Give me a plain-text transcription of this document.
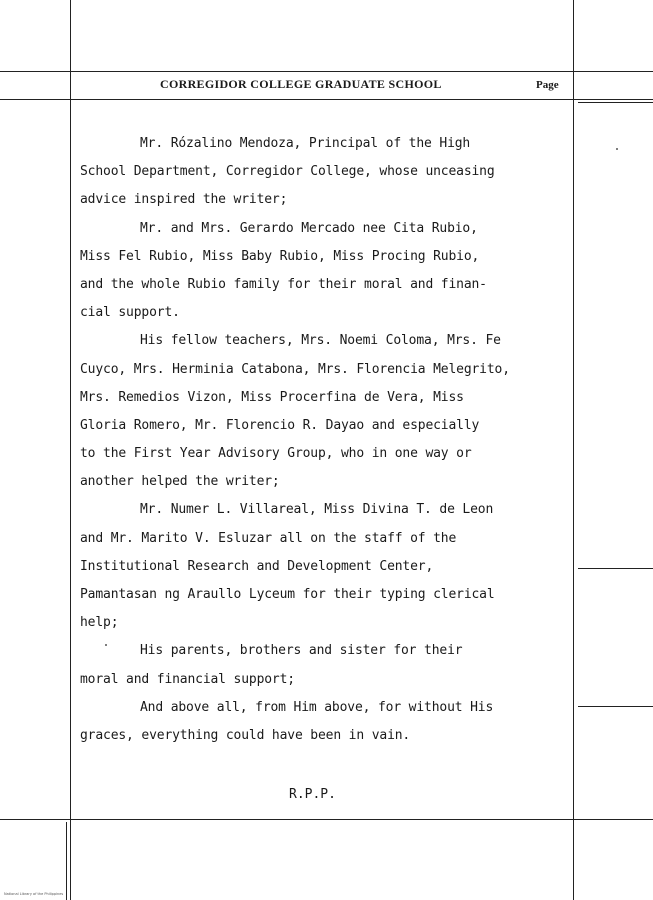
CORREGIDOR COLLEGE GRADUATE SCHOOL	Page
Mr. Rózalino Mendoza, Principal of the High
School Department, Corregidor College, whose unceasing
advice inspired the writer;
Mr. and Mrs. Gerardo Mercado nee Cita Rubio,
Miss Fel Rubio, Miss Baby Rubio, Miss Procing Rubio,
and the whole Rubio family for their moral and finan-
cial support.
His fellow teachers, Mrs. Noemi Coloma, Mrs. Fe
Cuyco, Mrs. Herminia Catabona, Mrs. Florencia Melegrito,
Mrs. Remedios Vizon, Miss Procerfina de Vera, Miss
Gloria Romero, Mr. Florencio R. Dayao and especially
to the First Year Advisory Group, who in one way or
another helped the writer;
Mr. Numer L. Villareal, Miss Divina T. de Leon
and Mr. Marito V. Esluzar all on the staff of the
Institutional Research and Development Center,
Pamantasan ng Araullo Lyceum for their typing clerical
help;
His parents, brothers and sister for their
moral and financial support;
And above all, from Him above, for without His
graces, everything could have been in vain.
R.P.P.
National Library of the Philippines
